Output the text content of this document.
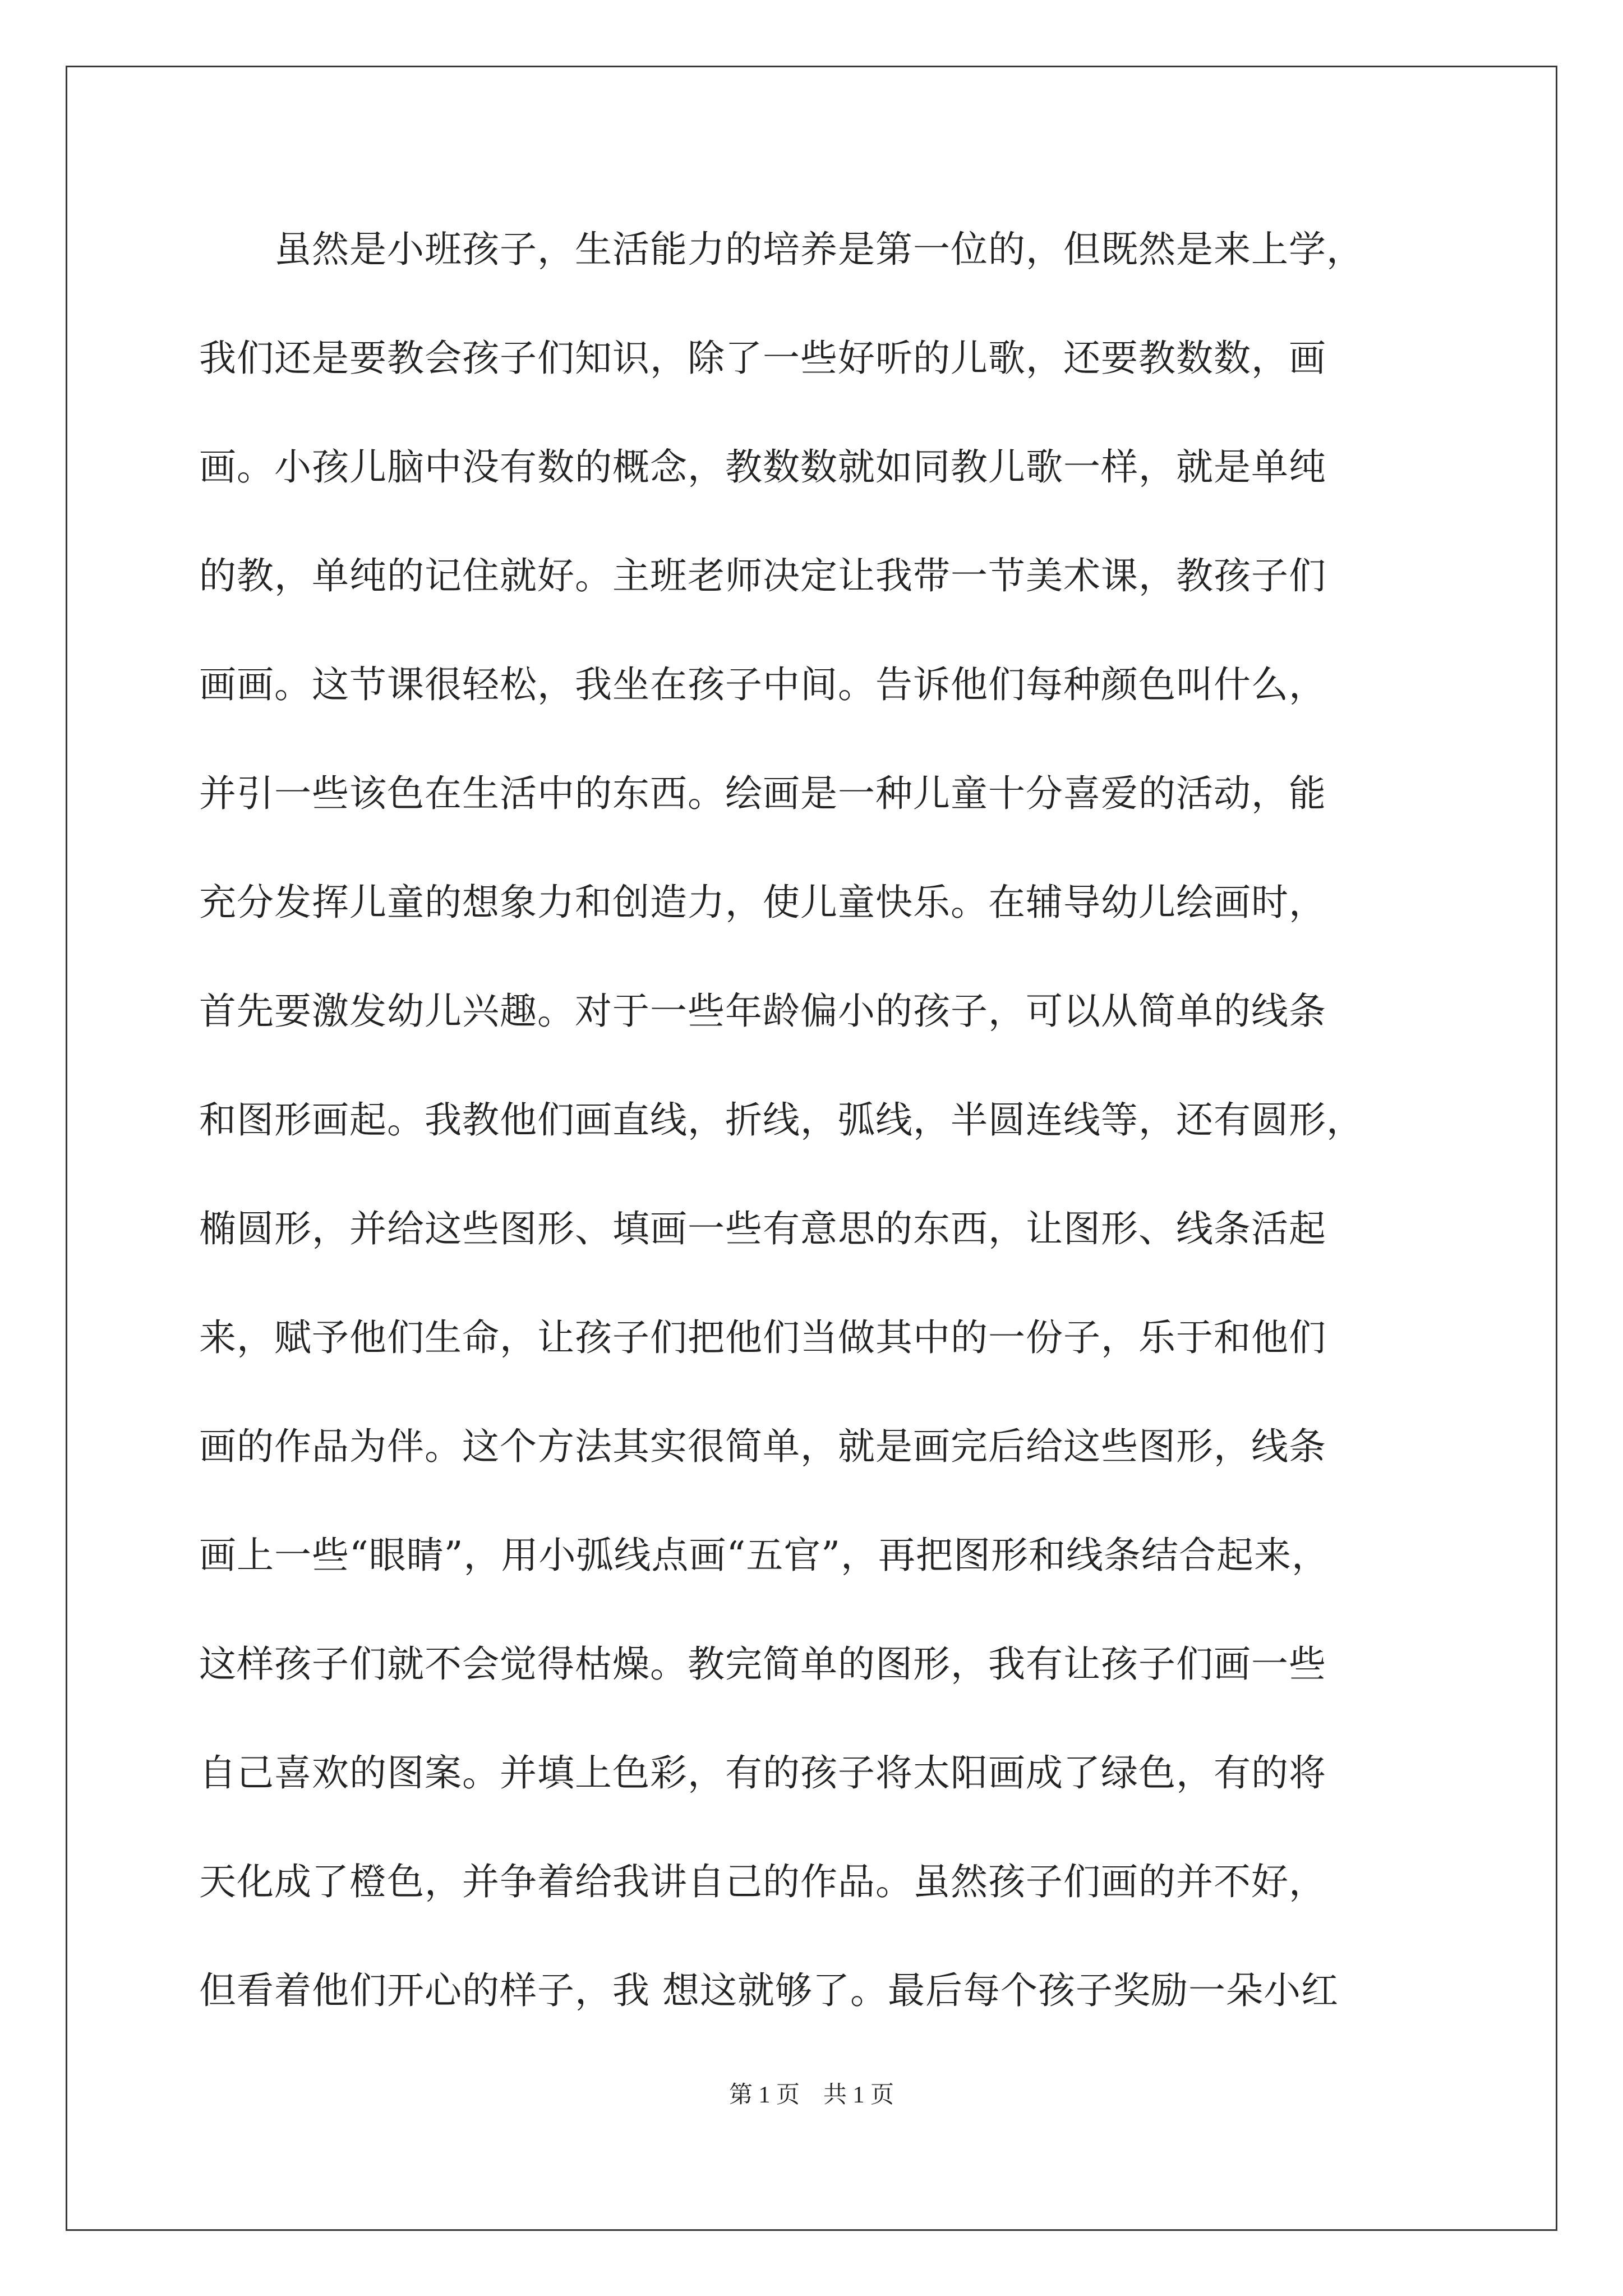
　　虽然是小班孩子，生活能力的培养是第一位的，但既然是来上学，
我们还是要教会孩子们知识，除了一些好听的儿歌，还要教数数，画
画。小孩儿脑中没有数的概念，教数数就如同教儿歌一样，就是单纯
的教，单纯的记住就好。主班老师决定让我带一节美术课，教孩子们
画画。这节课很轻松，我坐在孩子中间。告诉他们每种颜色叫什么，
并引一些该色在生活中的东西。绘画是一种儿童十分喜爱的活动，能
充分发挥儿童的想象力和创造力，使儿童快乐。在辅导幼儿绘画时，
首先要激发幼儿兴趣。对于一些年龄偏小的孩子，可以从简单的线条
和图形画起。我教他们画直线，折线，弧线，半圆连线等，还有圆形，
椭圆形，并给这些图形、填画一些有意思的东西，让图形、线条活起
来，赋予他们生命，让孩子们把他们当做其中的一份子，乐于和他们
画的作品为伴。这个方法其实很简单，就是画完后给这些图形，线条
画上一些“眼睛”，用小弧线点画“五官”，再把图形和线条结合起来，
这样孩子们就不会觉得枯燥。教完简单的图形，我有让孩子们画一些
自己喜欢的图案。并填上色彩，有的孩子将太阳画成了绿色，有的将
天化成了橙色，并争着给我讲自己的作品。虽然孩子们画的并不好，
但看着他们开心的样子，我 想这就够了。最后每个孩子奖励一朵小红
第 1 页　共 1 页
